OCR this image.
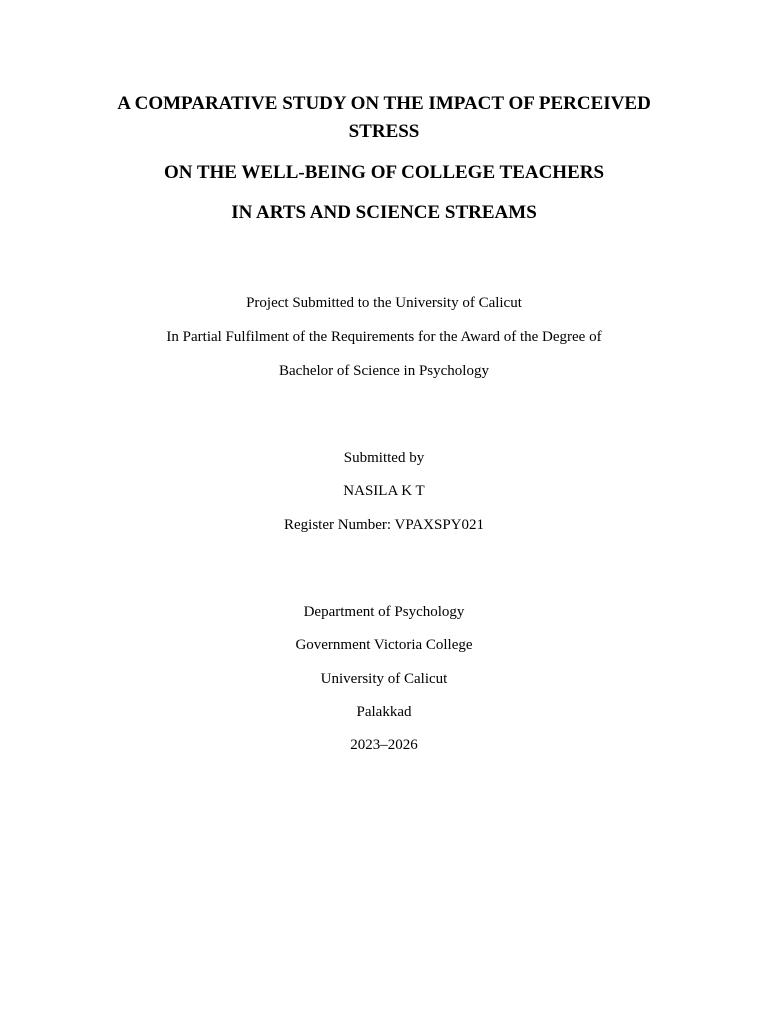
A COMPARATIVE STUDY ON THE IMPACT OF PERCEIVED STRESS

ON THE WELL-BEING OF COLLEGE TEACHERS

IN ARTS AND SCIENCE STREAMS

Project Submitted to the University of Calicut

In Partial Fulfilment of the Requirements for the Award of the Degree of

Bachelor of Science in Psychology

Submitted by

NASILA K T

Register Number: VPAXSPY021

Department of Psychology

Government Victoria College

University of Calicut

Palakkad

2023–2026
